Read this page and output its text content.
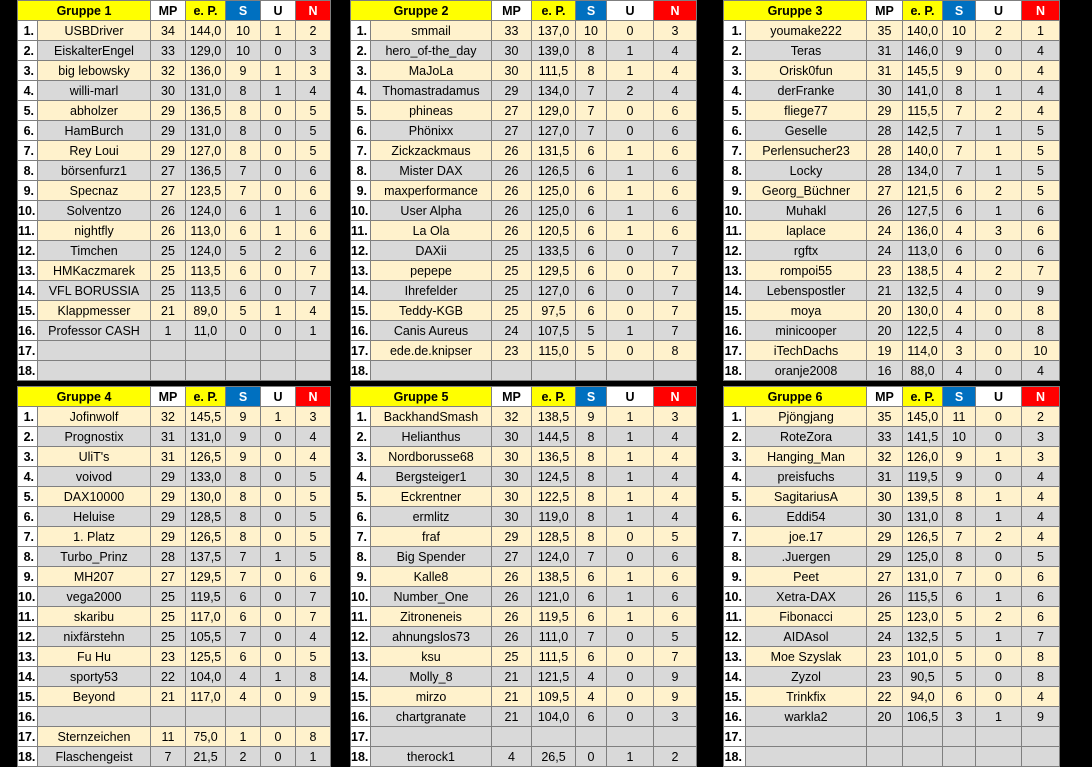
Gruppe 1		MP	e. P.	S	U	N
1.	USBDriver	34	144,0	10	1	2
2.	EiskalterEngel	33	129,0	10	0	3
3.	big lebowsky	32	136,0	9	1	3
4.	willi-marl	30	131,0	8	1	4
5.	abholzer	29	136,5	8	0	5
6.	HamBurch	29	131,0	8	0	5
7.	Rey Loui	29	127,0	8	0	5
8.	börsenfurz1	27	136,5	7	0	6
9.	Specnaz	27	123,5	7	0	6
10.	Solventzo	26	124,0	6	1	6
11.	nightfly	26	113,0	6	1	6
12.	Timchen	25	124,0	5	2	6
13.	HMKaczmarek	25	113,5	6	0	7
14.	VFL BORUSSIA	25	113,5	6	0	7
15.	Klappmesser	21	89,0	5	1	4
16.	Professor CASH	1	11,0	0	0	1
17.						
18.						
Gruppe 2		MP	e. P.	S	U	N
1.	smmail	33	137,0	10	0	3
2.	hero_of-the_day	30	139,0	8	1	4
3.	MaJoLa	30	111,5	8	1	4
4.	Thomastradamus	29	134,0	7	2	4
5.	phineas	27	129,0	7	0	6
6.	Phönixx	27	127,0	7	0	6
7.	Zickzackmaus	26	131,5	6	1	6
8.	Mister DAX	26	126,5	6	1	6
9.	maxperformance	26	125,0	6	1	6
10.	User Alpha	26	125,0	6	1	6
11.	La Ola	26	120,5	6	1	6
12.	DAXii	25	133,5	6	0	7
13.	pepepe	25	129,5	6	0	7
14.	Ihrefelder	25	127,0	6	0	7
15.	Teddy-KGB	25	97,5	6	0	7
16.	Canis Aureus	24	107,5	5	1	7
17.	ede.de.knipser	23	115,0	5	0	8
18.						
Gruppe 3		MP	e. P.	S	U	N
1.	youmake222	35	140,0	10	2	1
2.	Teras	31	146,0	9	0	4
3.	Orisk0fun	31	145,5	9	0	4
4.	derFranke	30	141,0	8	1	4
5.	fliege77	29	115,5	7	2	4
6.	Geselle	28	142,5	7	1	5
7.	Perlensucher23	28	140,0	7	1	5
8.	Locky	28	134,0	7	1	5
9.	Georg_Büchner	27	121,5	6	2	5
10.	Muhakl	26	127,5	6	1	6
11.	laplace	24	136,0	4	3	6
12.	rgftx	24	113,0	6	0	6
13.	rompoi55	23	138,5	4	2	7
14.	Lebenspostler	21	132,5	4	0	9
15.	moya	20	130,0	4	0	8
16.	minicooper	20	122,5	4	0	8
17.	iTechDachs	19	114,0	3	0	10
18.	oranje2008	16	88,0	4	0	4
Gruppe 4		MP	e. P.	S	U	N
1.	Jofinwolf	32	145,5	9	1	3
2.	Prognostix	31	131,0	9	0	4
3.	UliT's	31	126,5	9	0	4
4.	voivod	29	133,0	8	0	5
5.	DAX10000	29	130,0	8	0	5
6.	Heluise	29	128,5	8	0	5
7.	1. Platz	29	126,5	8	0	5
8.	Turbo_Prinz	28	137,5	7	1	5
9.	MH207	27	129,5	7	0	6
10.	vega2000	25	119,5	6	0	7
11.	skaribu	25	117,0	6	0	7
12.	nixfärstehn	25	105,5	7	0	4
13.	Fu Hu	23	125,5	6	0	5
14.	sporty53	22	104,0	4	1	8
15.	Beyond	21	117,0	4	0	9
16.						
17.	Sternzeichen	11	75,0	1	0	8
18.	Flaschengeist	7	21,5	2	0	1
Gruppe 5		MP	e. P.	S	U	N
1.	BackhandSmash	32	138,5	9	1	3
2.	Helianthus	30	144,5	8	1	4
3.	Nordborusse68	30	136,5	8	1	4
4.	Bergsteiger1	30	124,5	8	1	4
5.	Eckrentner	30	122,5	8	1	4
6.	ermlitz	30	119,0	8	1	4
7.	fraf	29	128,5	8	0	5
8.	Big Spender	27	124,0	7	0	6
9.	Kalle8	26	138,5	6	1	6
10.	Number_One	26	121,0	6	1	6
11.	Zitroneneis	26	119,5	6	1	6
12.	ahnungslos73	26	111,0	7	0	5
13.	ksu	25	111,5	6	0	7
14.	Molly_8	21	121,5	4	0	9
15.	mirzo	21	109,5	4	0	9
16.	chartgranate	21	104,0	6	0	3
17.						
18.	therock1	4	26,5	0	1	2
Gruppe 6		MP	e. P.	S	U	N
1.	Pjöngjang	35	145,0	11	0	2
2.	RoteZora	33	141,5	10	0	3
3.	Hanging_Man	32	126,0	9	1	3
4.	preisfuchs	31	119,5	9	0	4
5.	SagitariusA	30	139,5	8	1	4
6.	Eddi54	30	131,0	8	1	4
7.	joe.17	29	126,5	7	2	4
8.	.Juergen	29	125,0	8	0	5
9.	Peet	27	131,0	7	0	6
10.	Xetra-DAX	26	115,5	6	1	6
11.	Fibonacci	25	123,0	5	2	6
12.	AIDAsol	24	132,5	5	1	7
13.	Moe Szyslak	23	101,0	5	0	8
14.	Zyzol	23	90,5	5	0	8
15.	Trinkfix	22	94,0	6	0	4
16.	warkla2	20	106,5	3	1	9
17.						
18.						
